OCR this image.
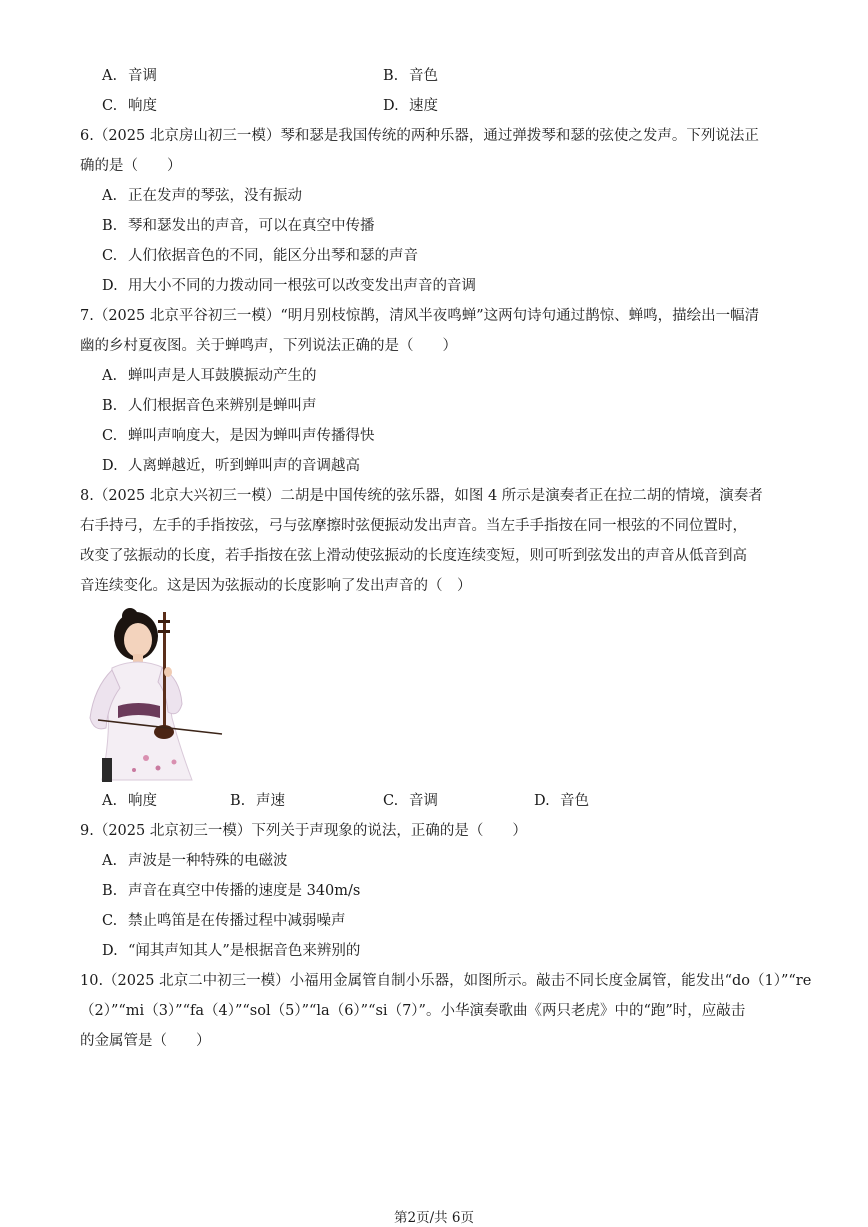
A. 音调	B. 音色
C. 响度	D. 速度
6.（2025 北京房山初三一模）琴和瑟是我国传统的两种乐器，通过弹拨琴和瑟的弦使之发声。下列说法正
确的是（　　）
A. 正在发声的琴弦，没有振动
B. 琴和瑟发出的声音，可以在真空中传播
C. 人们依据音色的不同，能区分出琴和瑟的声音
D. 用大小不同的力拨动同一根弦可以改变发出声音的音调
7.（2025 北京平谷初三一模）“明月别枝惊鹊，清风半夜鸣蝉”这两句诗句通过鹊惊、蝉鸣，描绘出一幅清
幽的乡村夏夜图。关于蝉鸣声，下列说法正确的是（　　）
A. 蝉叫声是人耳鼓膜振动产生的
B. 人们根据音色来辨别是蝉叫声
C. 蝉叫声响度大，是因为蝉叫声传播得快
D. 人离蝉越近，听到蝉叫声的音调越高
8.（2025 北京大兴初三一模）二胡是中国传统的弦乐器，如图 4 所示是演奏者正在拉二胡的情境，演奏者
右手持弓，左手的手指按弦，弓与弦摩擦时弦便振动发出声音。当左手手指按在同一根弦的不同位置时，
改变了弦振动的长度，若手指按在弦上滑动使弦振动的长度连续变短，则可听到弦发出的声音从低音到高
音连续变化。这是因为弦振动的长度影响了发出声音的（　）
A. 响度	B. 声速	C. 音调	D. 音色
9.（2025 北京初三一模）下列关于声现象的说法，正确的是（　　）
A. 声波是一种特殊的电磁波
B. 声音在真空中传播的速度是 340m/s
C. 禁止鸣笛是在传播过程中减弱噪声
D. “闻其声知其人”是根据音色来辨别的
10.（2025 北京二中初三一模）小福用金属管自制小乐器，如图所示。敲击不同长度金属管，能发出“do（1）”“re
（2）”“mi（3）”“fa（4）”“sol（5）”“la（6）”“si（7）”。小华演奏歌曲《两只老虎》中的“跑”时，应敲击
的金属管是（　　）
第2页/共 6页
